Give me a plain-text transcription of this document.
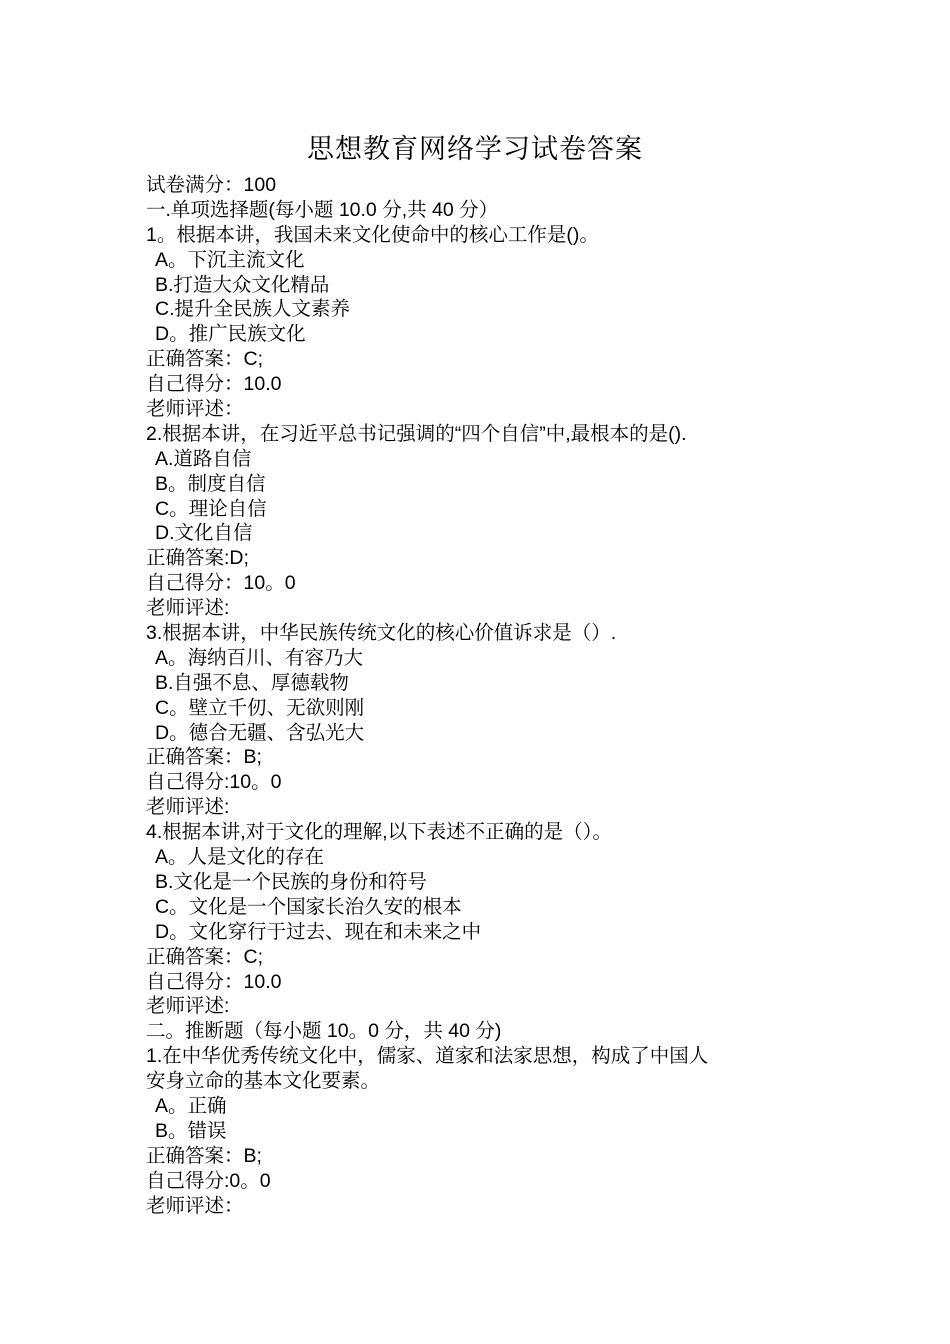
思想教育网络学习试卷答案
试卷满分：100
一.单项选择题(每小题 10.0 分,共 40 分）
1。根据本讲，我国未来文化使命中的核心工作是()。
A。下沉主流文化
B.打造大众文化精品
C.提升全民族人文素养
D。推广民族文化
正确答案：C;
自己得分：10.0
老师评述：
2.根据本讲，在习近平总书记强调的“四个自信”中,最根本的是().
A.道路自信
B。制度自信
C。理论自信
D.文化自信
正确答案:D;
自己得分：10。0
老师评述:
3.根据本讲，中华民族传统文化的核心价值诉求是（）.
A。海纳百川、有容乃大
B.自强不息、厚德载物
C。壁立千仞、无欲则刚
D。德合无疆、含弘光大
正确答案：B;
自己得分:10。0
老师评述:
4.根据本讲,对于文化的理解,以下表述不正确的是（）。
A。人是文化的存在
B.文化是一个民族的身份和符号
C。文化是一个国家长治久安的根本
D。文化穿行于过去、现在和未来之中
正确答案：C;
自己得分：10.0
老师评述:
二。推断题（每小题 10。0 分，共 40 分)
1.在中华优秀传统文化中，儒家、道家和法家思想，构成了中国人
安身立命的基本文化要素。
A。正确
B。错误
正确答案：B;
自己得分:0。0
老师评述：
